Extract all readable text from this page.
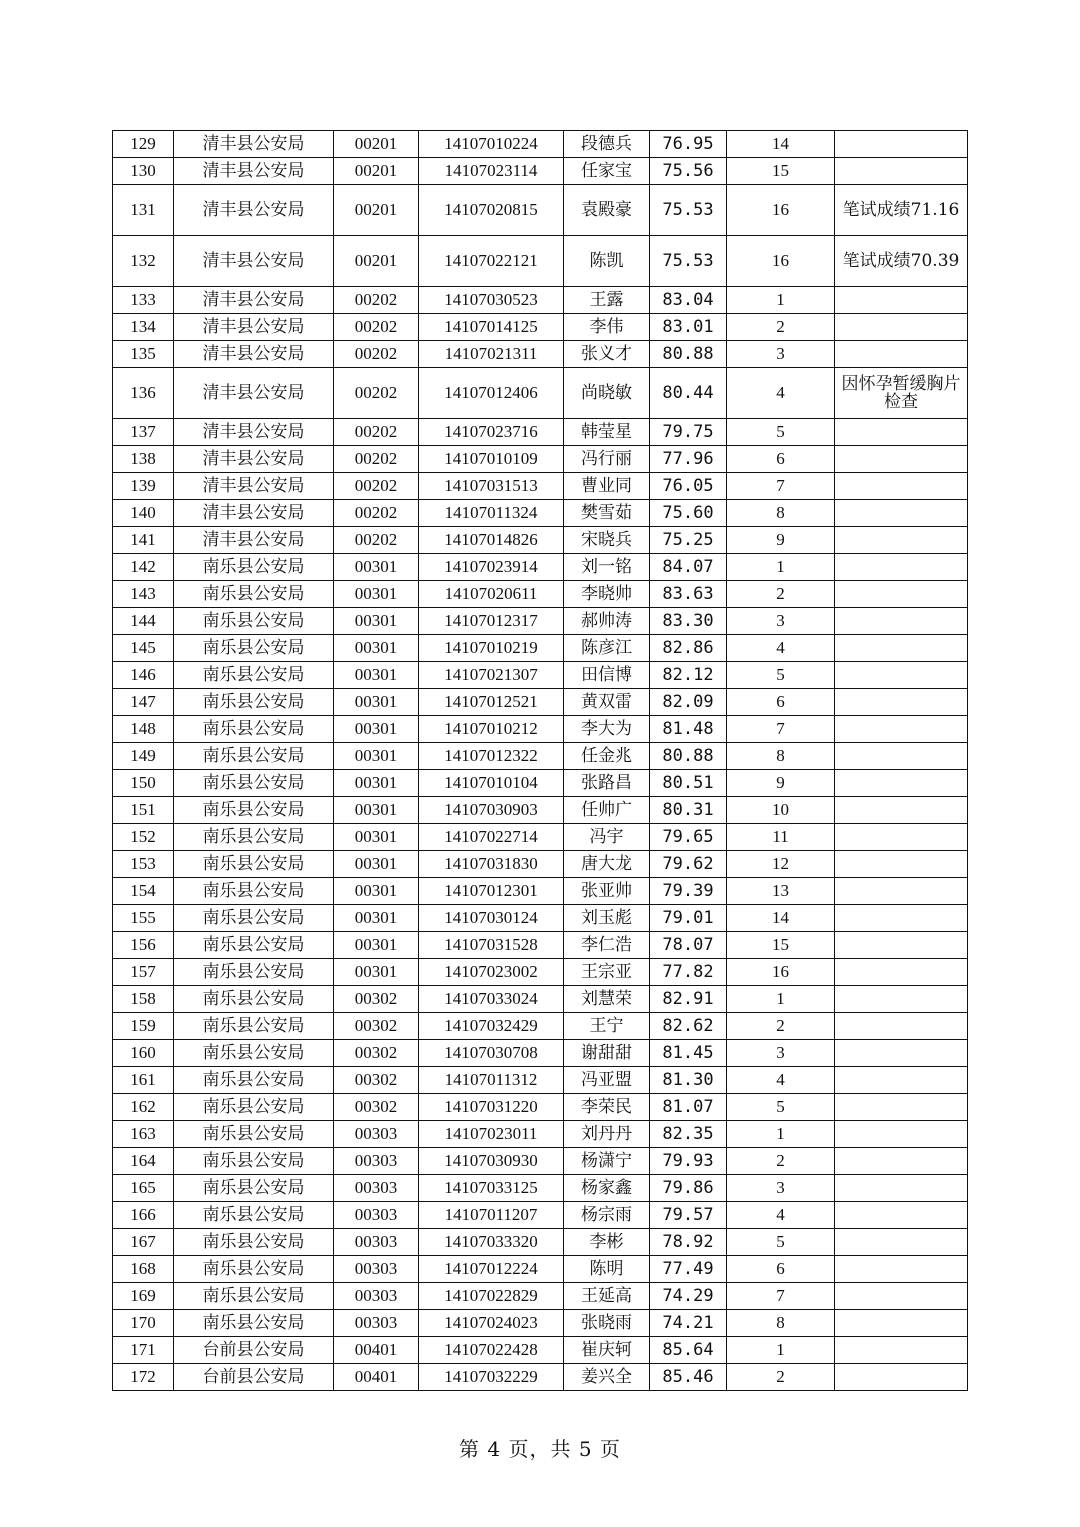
129	清丰县公安局	00201	14107010224	段德兵	76.95	14	
130	清丰县公安局	00201	14107023114	任家宝	75.56	15	
131	清丰县公安局	00201	14107020815	袁殿豪	75.53	16	笔试成绩71.16
132	清丰县公安局	00201	14107022121	陈凯	75.53	16	笔试成绩70.39
133	清丰县公安局	00202	14107030523	王露	83.04	1	
134	清丰县公安局	00202	14107014125	李伟	83.01	2	
135	清丰县公安局	00202	14107021311	张义才	80.88	3	
136	清丰县公安局	00202	14107012406	尚晓敏	80.44	4	因怀孕暂缓胸片检查
137	清丰县公安局	00202	14107023716	韩莹星	79.75	5	
138	清丰县公安局	00202	14107010109	冯行丽	77.96	6	
139	清丰县公安局	00202	14107031513	曹业同	76.05	7	
140	清丰县公安局	00202	14107011324	樊雪茹	75.60	8	
141	清丰县公安局	00202	14107014826	宋晓兵	75.25	9	
142	南乐县公安局	00301	14107023914	刘一铭	84.07	1	
143	南乐县公安局	00301	14107020611	李晓帅	83.63	2	
144	南乐县公安局	00301	14107012317	郝帅涛	83.30	3	
145	南乐县公安局	00301	14107010219	陈彦江	82.86	4	
146	南乐县公安局	00301	14107021307	田信博	82.12	5	
147	南乐县公安局	00301	14107012521	黄双雷	82.09	6	
148	南乐县公安局	00301	14107010212	李大为	81.48	7	
149	南乐县公安局	00301	14107012322	任金兆	80.88	8	
150	南乐县公安局	00301	14107010104	张路昌	80.51	9	
151	南乐县公安局	00301	14107030903	任帅广	80.31	10	
152	南乐县公安局	00301	14107022714	冯宇	79.65	11	
153	南乐县公安局	00301	14107031830	唐大龙	79.62	12	
154	南乐县公安局	00301	14107012301	张亚帅	79.39	13	
155	南乐县公安局	00301	14107030124	刘玉彪	79.01	14	
156	南乐县公安局	00301	14107031528	李仁浩	78.07	15	
157	南乐县公安局	00301	14107023002	王宗亚	77.82	16	
158	南乐县公安局	00302	14107033024	刘慧荣	82.91	1	
159	南乐县公安局	00302	14107032429	王宁	82.62	2	
160	南乐县公安局	00302	14107030708	谢甜甜	81.45	3	
161	南乐县公安局	00302	14107011312	冯亚盟	81.30	4	
162	南乐县公安局	00302	14107031220	李荣民	81.07	5	
163	南乐县公安局	00303	14107023011	刘丹丹	82.35	1	
164	南乐县公安局	00303	14107030930	杨潇宁	79.93	2	
165	南乐县公安局	00303	14107033125	杨家鑫	79.86	3	
166	南乐县公安局	00303	14107011207	杨宗雨	79.57	4	
167	南乐县公安局	00303	14107033320	李彬	78.92	5	
168	南乐县公安局	00303	14107012224	陈明	77.49	6	
169	南乐县公安局	00303	14107022829	王延高	74.29	7	
170	南乐县公安局	00303	14107024023	张晓雨	74.21	8	
171	台前县公安局	00401	14107022428	崔庆轲	85.64	1	
172	台前县公安局	00401	14107032229	姜兴全	85.46	2	
第 4 页，共 5 页
